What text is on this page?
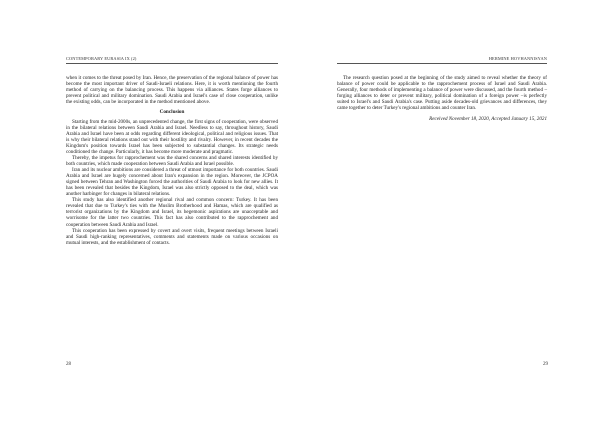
CONTEMPORARY EURASIA IX (2)

when it comes to the threat posed by Iran. Hence, the preservation of the regional balance of power has become the most important driver of Saudi-Israeli relations. Here, it is worth mentioning the fourth method of carrying on the balancing process. This happens via alliances. States forge alliances to prevent political and military domination. Saudi Arabia and Israel's case of close cooperation, unlike the existing odds, can be incorporated in the method mentioned above.

Conclusion

Starting from the mid-2000s, an unprecedented change, the first signs of cooperation, were observed in the bilateral relations between Saudi Arabia and Israel. Needless to say, throughout history, Saudi Arabia and Israel have been at odds regarding different ideological, political and religious issues. That is why their bilateral relations stand out with their hostility and rivalry. However, in recent decades the Kingdom's position towards Israel has been subjected to substantial changes. Its strategic needs conditioned the change. Particularly, it has become more moderate and pragmatic.

Thereby, the impetus for rapprochement was the shared concerns and shared interests identified by both countries, which made cooperation between Saudi Arabia and Israel possible.

Iran and its nuclear ambitions are considered a threat of utmost importance for both countries. Saudi Arabia and Israel are hugely concerned about Iran's expansion in the region. Moreover, the JCPOA signed between Tehran and Washington forced the authorities of Saudi Arabia to look for new allies. It has been revealed that besides the Kingdom, Israel was also strictly opposed to the deal, which was another harbinger for changes in bilateral relations.

This study has also identified another regional rival and common concern: Turkey. It has been revealed that due to Turkey's ties with the Muslim Brotherhood and Hamas, which are qualified as terrorist organizations by the Kingdom and Israel, its hegemonic aspirations are unacceptable and worrisome for the latter two countries. This fact has also contributed to the rapprochement and cooperation between Saudi Arabia and Israel.

This cooperation has been expressed by covert and overt visits, frequent meetings between Israeli and Saudi high-ranking representatives, comments and statements made on various occasions on mutual interests, and the establishment of contacts.

28
HERMINE HOVHANNISYAN

The research question posed at the beginning of the study aimed to reveal whether the theory of balance of power could be applicable to the rapprochement process of Israel and Saudi Arabia. Generally, four methods of implementing a balance of power were discussed, and the fourth method – forging alliances to deter or prevent military, political domination of a foreign power –is perfectly suited to Israel's and Saudi Arabia's case. Putting aside decades-old grievances and differences, they came together to deter Turkey's regional ambitions and counter Iran.

Received November 18, 2020, Accepted January 15, 2021
29
